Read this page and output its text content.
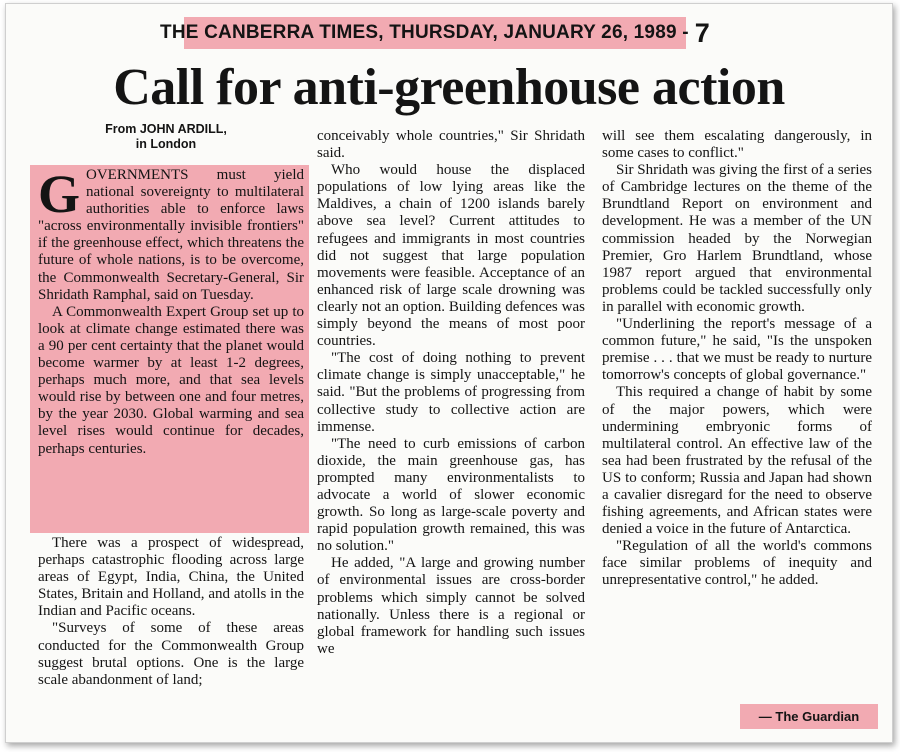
THE CANBERRA TIMES, THURSDAY, JANUARY 26, 1989 - 7
Call for anti-greenhouse action
From JOHN ARDILL,
in London

GOVERNMENTS must yield national sovereignty to multilateral authorities able to enforce laws "across environmentally invisible frontiers" if the greenhouse effect, which threatens the future of whole nations, is to be overcome, the Commonwealth Secretary-General, Sir Shridath Ramphal, said on Tuesday.

A Commonwealth Expert Group set up to look at climate change estimated there was a 90 per cent certainty that the planet would become warmer by at least 1-2 degrees, perhaps much more, and that sea levels would rise by between one and four metres, by the year 2030. Global warming and sea level rises would continue for decades, perhaps centuries.

There was a prospect of widespread, perhaps catastrophic flooding across large areas of Egypt, India, China, the United States, Britain and Holland, and atolls in the Indian and Pacific oceans.

"Surveys of some of these areas conducted for the Commonwealth Group suggest brutal options. One is the large scale abandonment of land;

conceivably whole countries," Sir Shridath said.

Who would house the displaced populations of low lying areas like the Maldives, a chain of 1200 islands barely above sea level? Current attitudes to refugees and immigrants in most countries did not suggest that large population movements were feasible. Acceptance of an enhanced risk of large scale drowning was clearly not an option. Building defences was simply beyond the means of most poor countries.

"The cost of doing nothing to prevent climate change is simply unacceptable," he said. "But the problems of progressing from collective study to collective action are immense.

"The need to curb emissions of carbon dioxide, the main greenhouse gas, has prompted many environmentalists to advocate a world of slower economic growth. So long as large-scale poverty and rapid population growth remained, this was no solution."

He added, "A large and growing number of environmental issues are cross-border problems which simply cannot be solved nationally. Unless there is a regional or global framework for handling such issues we

will see them escalating dangerously, in some cases to conflict."

Sir Shridath was giving the first of a series of Cambridge lectures on the theme of the Brundtland Report on environment and development. He was a member of the UN commission headed by the Norwegian Premier, Gro Harlem Brundtland, whose 1987 report argued that environmental problems could be tackled successfully only in parallel with economic growth.

"Underlining the report's message of a common future," he said, "Is the unspoken premise . . . that we must be ready to nurture tomorrow's concepts of global governance."

This required a change of habit by some of the major powers, which were undermining embryonic forms of multilateral control. An effective law of the sea had been frustrated by the refusal of the US to conform; Russia and Japan had shown a cavalier disregard for the need to observe fishing agreements, and African states were denied a voice in the future of Antarctica.

"Regulation of all the world's commons face similar problems of inequity and unrepresentative control," he added.

— The Guardian
